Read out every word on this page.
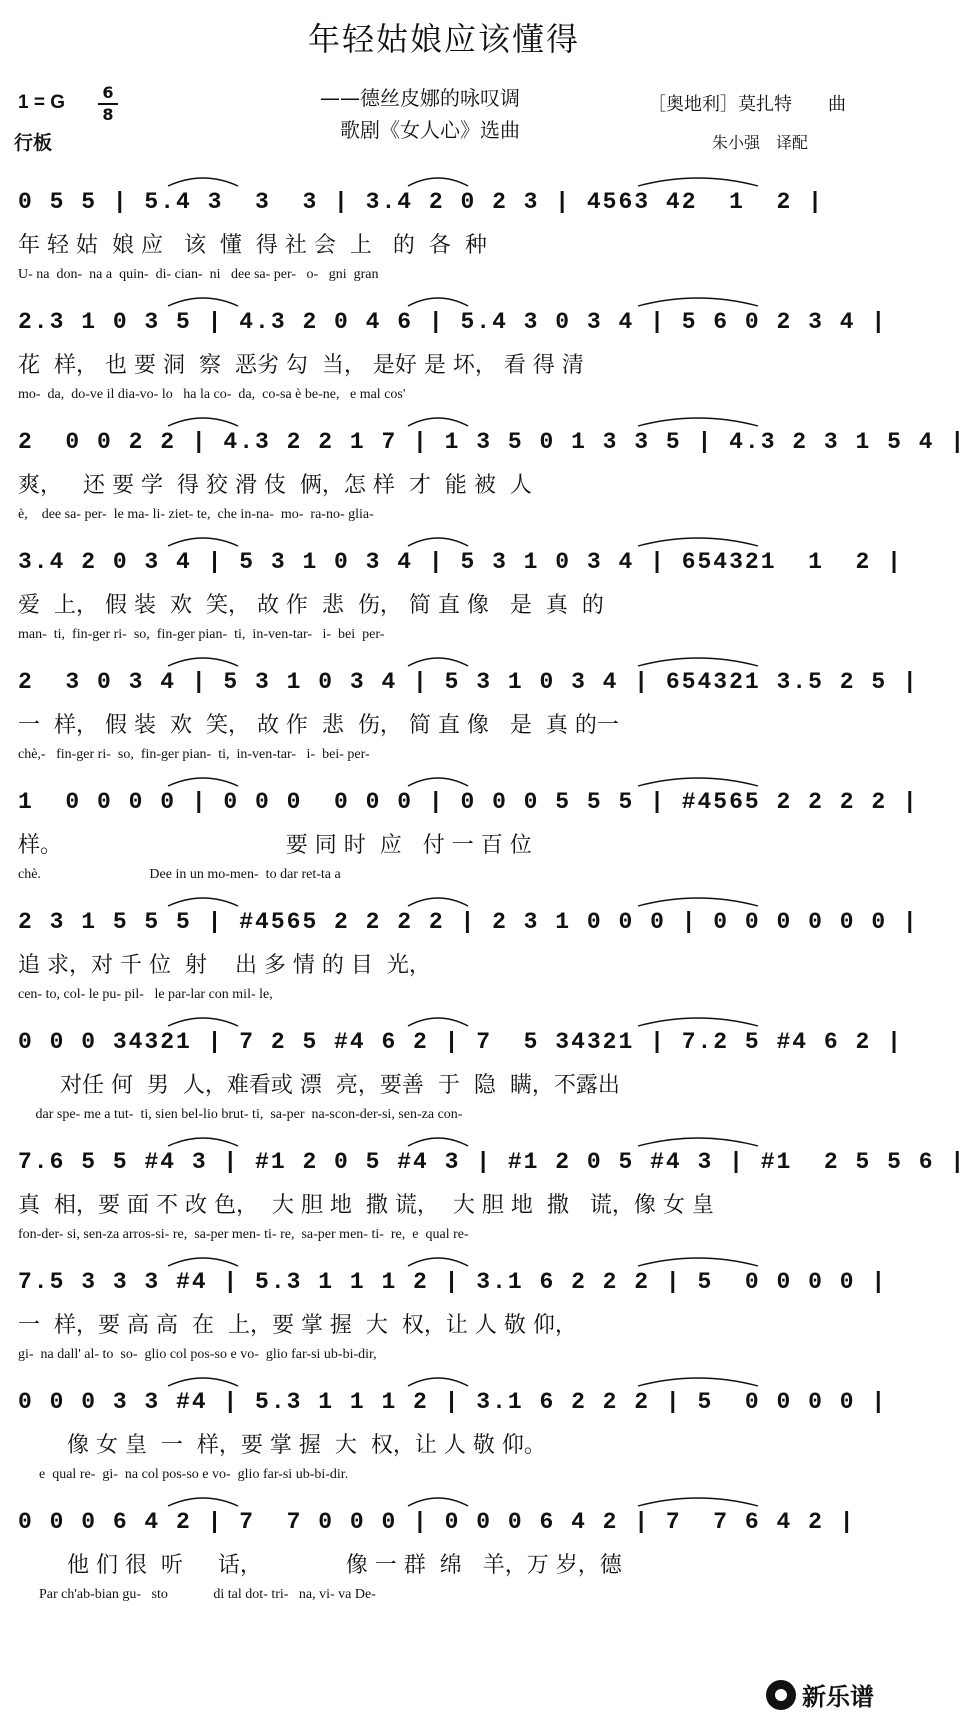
年轻姑娘应该懂得
1 = G 6
8
行板
——德丝皮娜的咏叹调
歌剧《女人心》选曲
［奥地利］莫扎特　　曲
朱小强　译配
0 5 5 | 5.4 3  3  3 | 3.4 2 0 2 3 | 4563 42  1  2 |
年 轻 姑  娘 应   该  懂  得 社 会  上   的  各  种
U- na  don-  na a  quin-  di- cian-  ni   dee sa- per-   o-   gni  gran
2.3 1 0 3 5 | 4.3 2 0 4 6 | 5.4 3 0 3 4 | 5 6 0 2 3 4 |
花  样， 也 要 洞  察  恶劣 勾  当， 是好 是 坏， 看 得 清
mo-  da,  do-ve il dia-vo- lo   ha la co-  da,  co-sa è be-ne,   e mal cos'
2  0 0 2 2 | 4.3 2 2 1 7 | 1 3 5 0 1 3 3 5 | 4.3 2 3 1 5 4 |
爽，   还 要 学  得 狡 滑 伎  俩，怎 样  才  能 被  人
è,    dee sa- per-  le ma- li- ziet- te,  che in-na-  mo-  ra-no- glia-
3.4 2 0 3 4 | 5 3 1 0 3 4 | 5 3 1 0 3 4 | 654321  1  2 |
爱  上， 假 装  欢  笑， 故 作  悲  伤， 简 直 像   是  真  的
man-  ti,  fin-ger ri-  so,  fin-ger pian-  ti,  in-ven-tar-   i-  bei  per-
2  3 0 3 4 | 5 3 1 0 3 4 | 5 3 1 0 3 4 | 654321 3.5 2 5 |
一  样， 假 装  欢  笑， 故 作  悲  伤， 简 直 像   是  真 的一
chè,-   fin-ger ri-  so,  fin-ger pian-  ti,  in-ven-tar-   i-  bei- per-
1  0 0 0 0 | 0 0 0  0 0 0 | 0 0 0 5 5 5 | #4565 2 2 2 2 |
样。                                要 同 时  应   付 一 百 位
chè.                               Dee in un mo-men-  to dar ret-ta a
2 3 1 5 5 5 | #4565 2 2 2 2 | 2 3 1 0 0 0 | 0 0 0 0 0 0 |
追 求，对 千 位  射    出 多 情 的 目  光，
cen- to, col- le pu- pil-   le par-lar con mil- le,
0 0 0 34321 | 7 2 5 #4 6 2 | 7  5 34321 | 7.2 5 #4 6 2 |
对任 何  男  人，难看或 漂  亮，要善  于  隐  瞒，不露出
dar spe- me a tut-  ti, sien bel-lio brut- ti,  sa-per  na-scon-der-si, sen-za con-
7.6 5 5 #4 3 | #1 2 0 5 #4 3 | #1 2 0 5 #4 3 | #1  2 5 5 6 |
真  相，要 面 不 改 色，  大 胆 地  撒 谎，  大 胆 地  撒   谎，像 女 皇
fon-der- si, sen-za arros-si- re,  sa-per men- ti- re,  sa-per men- ti-  re,  e  qual re-
7.5 3 3 3 #4 | 5.3 1 1 1 2 | 3.1 6 2 2 2 | 5  0 0 0 0 |
一  样，要 高 高  在  上，要 掌 握  大  权，让 人 敬 仰，
gi-  na dall' al- to  so-  glio col pos-so e vo-  glio far-si ub-bi-dir,
0 0 0 3 3 #4 | 5.3 1 1 1 2 | 3.1 6 2 2 2 | 5  0 0 0 0 |
像 女 皇  一  样，要 掌 握  大  权，让 人 敬 仰。
e  qual re-  gi-  na col pos-so e vo-  glio far-si ub-bi-dir.
0 0 0 6 4 2 | 7  7 0 0 0 | 0 0 0 6 4 2 | 7  7 6 4 2 |
他 们 很  听     话，            像 一 群  绵   羊，万 岁，德
Par ch'ab-bian gu-   sto             di tal dot- tri-   na, vi- va De-
新乐谱
